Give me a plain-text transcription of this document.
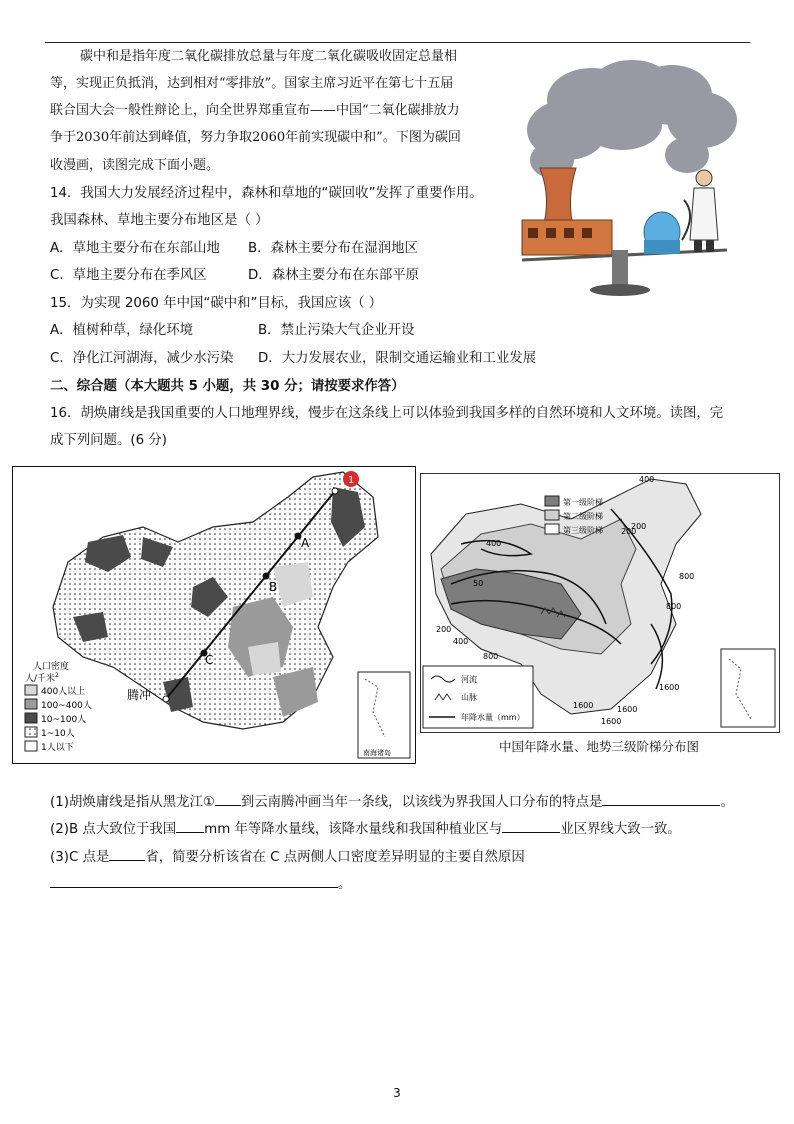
碳中和是指年度二氧化碳排放总量与年度二氧化碳吸收固定总量相
等，实现正负抵消，达到相对“零排放”。国家主席习近平在第七十五届
联合国大会一般性辩论上，向全世界郑重宣布——中国“二氧化碳排放力
争于2030年前达到峰值，努力争取2060年前实现碳中和”。下图为碳回
收漫画，读图完成下面小题。
14．我国大力发展经济过程中，森林和草地的“碳回收”发挥了重要作用。
我国森林、草地主要分布地区是（ ）
A．草地主要分布在东部山地 B．森林主要分布在湿润地区
C．草地主要分布在季风区	D．森林主要分布在东部平原
15．为实现 2060 年中国“碳中和”目标，我国应该（ ）
A．植树种草，绿化环境	B．禁止污染大气企业开设
C．净化江河湖海，减少水污染 D．大力发展农业，限制交通运输业和工业发展
二、综合题（本大题共 5 小题，共 30 分；请按要求作答）
16．胡焕庸线是我国重要的人口地理界线，慢步在这条线上可以体验到我国多样的自然环境和人文环境。读图，完
成下列问题。(6 分)
1
A
B
C
腾冲
人口密度
人/千米$^2$
400人以上
100~400人
10~100人
1~10人
1人以下	南海诸岛
400
200
800
400
50
800
200
400
800
1600
1600	1600
1600
200
第一级阶梯
第二级阶梯
第三级阶梯
河流
山脉
年降水量（mm）
中国年降水量、地势三级阶梯分布图
(1)胡焕庸线是指从黑龙江① 到云南腾冲画当年一条线，以该线为界我国人口分布的特点是	。
(2)B 点大致位于我国 mm 年等降水量线，该降水量线和我国种植业区与	业区界线大致一致。
(3)C 点是	省，简要分析该省在 C 点两侧人口密度差异明显的主要自然原因
。
3
